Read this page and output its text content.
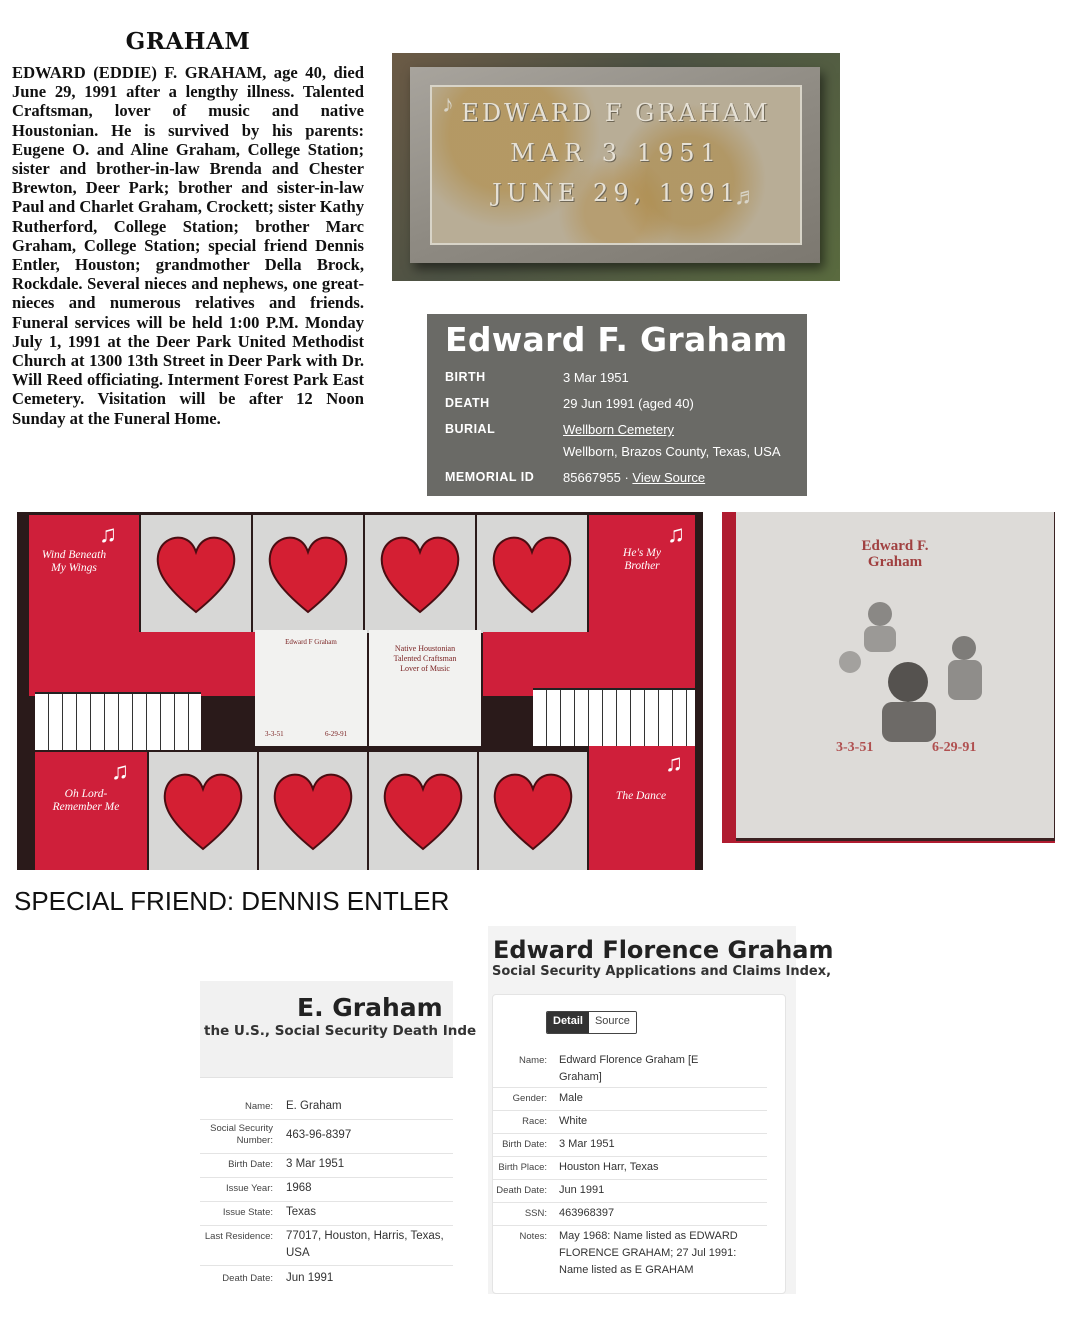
GRAHAM

EDWARD (EDDIE) F. GRAHAM, age 40, died June 29, 1991 after a lengthy illness. Talented Craftsman, lover of music and native Houstonian. He is survived by his parents: Eugene O. and Aline Graham, College Station; sister and brother-in-law Brenda and Chester Brewton, Deer Park; brother and sister-in-law Paul and Charlet Graham, Crockett; sister Kathy Rutherford, College Station; brother Marc Graham, College Station; special friend Dennis Entler, Houston; grandmother Della Brock, Rockdale. Several nieces and nephews, one great-nieces and numerous relatives and friends. Funeral services will be held 1:00 P.M. Monday July 1, 1991 at the Deer Park United Methodist Church at 1300 13th Street in Deer Park with Dr. Will Reed officiating. Interment Forest Park East Cemetery. Visitation will be after 12 Noon Sunday at the Funeral Home.

♪ EDWARD F GRAHAM
MAR 3 1951
JUNE 29, 1991
♬
Edward F. Graham
BIRTH	3 Mar 1951
DEATH	29 Jun 1991 (aged 40)
BURIAL	Wellborn Cemetery
Wellborn, Brazos County, Texas, USA
MEMORIAL ID 85667955 · View Source
♫
Wind Beneath My Wings
♫
He's My Brother
Edward F Graham
3-3-51	6-29-91
Native Houstonian Talented Craftsman Lover of Music
♫
Oh Lord- Remember Me
♫
The Dance
Edward F.
Graham
3-3-51	6-29-91
SPECIAL FRIEND: DENNIS ENTLER
E. Graham
the U.S., Social Security Death Inde
Name: E. Graham
Social Security Number: 463-96-8397
Birth Date: 3 Mar 1951
Issue Year: 1968
Issue State: Texas
Last Residence: 77017, Houston, Harris, Texas, USA
Death Date: Jun 1991
Edward Florence Graham
Social Security Applications and Claims Index,
Detail	Source
Name: Edward Florence Graham [E Graham]
Gender: Male
Race: White
Birth Date: 3 Mar 1951
Birth Place: Houston Harr, Texas
Death Date: Jun 1991
SSN: 463968397
Notes: May 1968: Name listed as EDWARD FLORENCE GRAHAM; 27 Jul 1991: Name listed as E GRAHAM
